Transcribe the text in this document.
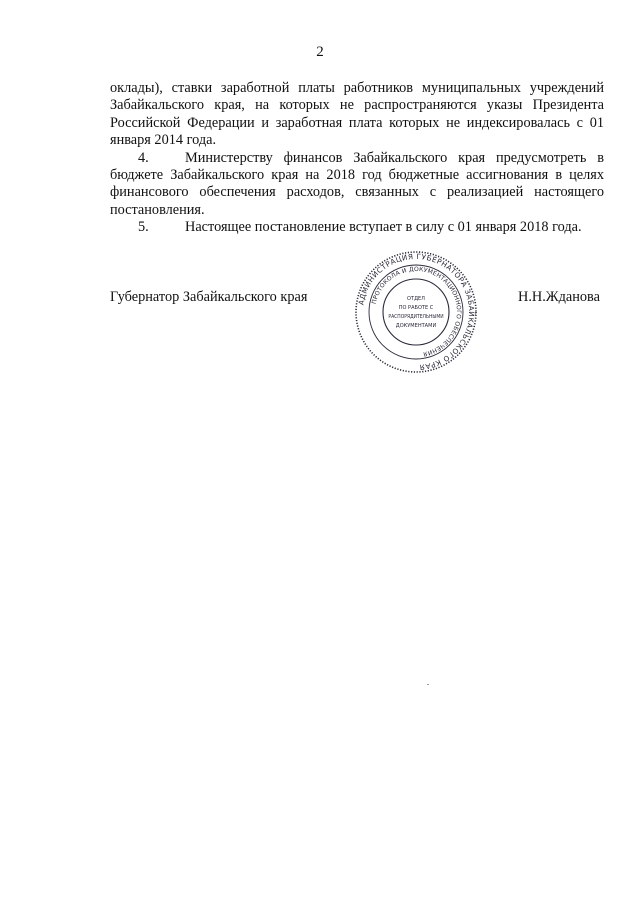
2

оклады), ставки заработной платы работников муниципальных учреждений Забайкальского края, на которых не распространяются указы Президента Российской Федерации и заработная плата которых не индексировалась с 01 января 2014 года.

4.	Министерству финансов Забайкальского края предусмотреть в бюджете Забайкальского края на 2018 год бюджетные ассигнования в целях финансового обеспечения расходов, связанных с реализацией настоящего постановления.

5.	Настоящее постановление вступает в силу с 01 января 2018 года.

Губернатор Забайкальского края	Н.Н.Жданова
АДМИНИСТРАЦИЯ ГУБЕРНАТОРА ЗАБАЙКАЛЬСКОГО КРАЯ
ПРОТОКОЛА И ДОКУМЕНТАЦИОННОГО ОБЕСПЕЧЕНИЯ
ОТДЕЛ
ПО РАБОТЕ С
РАСПОРЯДИТЕЛЬНЫМИ
ДОКУМЕНТАМИ
